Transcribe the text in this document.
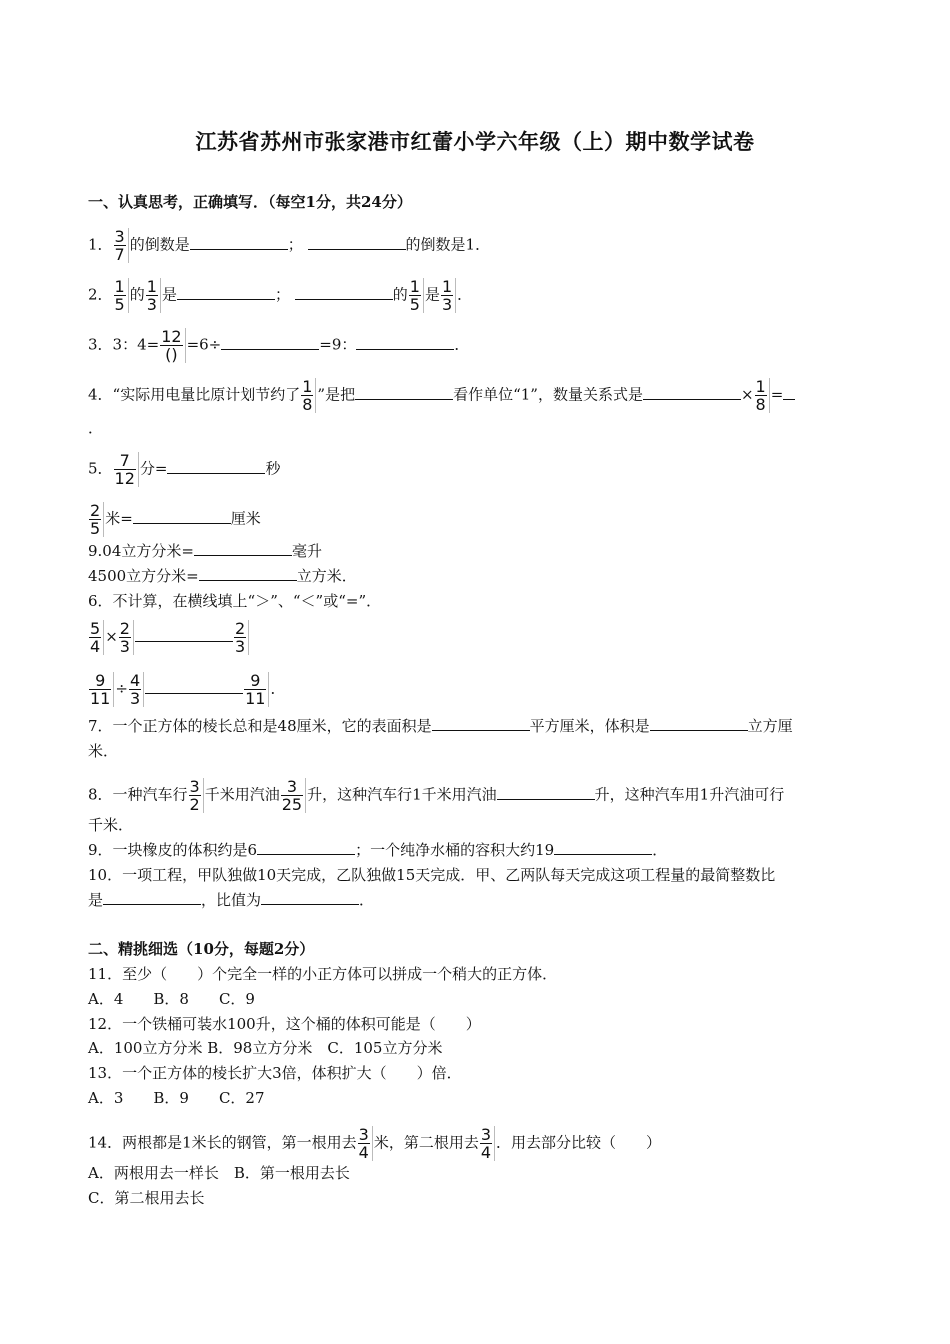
江苏省苏州市张家港市红蕾小学六年级（上）期中数学试卷
一、认真思考，正确填写．（每空1分，共24分）
1． $\frac{3}{7}$ 的倒数是	；	的倒数是1．
2． $\frac{1}{5}$ 的 $\frac{1}{3}$ 是	；	的 $\frac{1}{5}$ 是 $\frac{1}{3}$ ．
3．3：$4= \frac{12}{()} =6\div$	=9：	．
4．“实际用电量比原计划节约了 $\frac{1}{8}$ ”是把	看作单位“1”，数量关系式是	× $\frac{1}{8}$ =
．
5． $\frac{7}{12}$ 分=	秒
$\frac{2}{5}$ 米=	厘米
9.04立方分米=	毫升
4500立方分米=	立方米．
6．不计算，在横线填上“＞”、“＜”或“=”．
$\frac{5}{4} \times \frac{2}{3}$	$\frac{2}{3}$
$\frac{9}{11} \div \frac{4}{3}$	$\frac{9}{11}$ ．
7．一个正方体的棱长总和是48厘米，它的表面积是	平方厘米，体积是	立方厘
米．
8．一种汽车行 $\frac{3}{2}$ 千米用汽油 $\frac{3}{25}$ 升，这种汽车行1千米用汽油	升，这种汽车用1升汽油可行
千米．
9．一块橡皮的体积约是6	；一个纯净水桶的容积大约19	．
10．一项工程，甲队独做10天完成，乙队独做15天完成．甲、乙两队每天完成这项工程量的最简整数比
是	，比值为	．
二、精挑细选（10分，每题2分）
11．至少（　　）个完全一样的小正方体可以拼成一个稍大的正方体．
A．4　　B．8　　C．9
12．一个铁桶可装水100升，这个桶的体积可能是（　　）
A．100立方分米 B．98立方分米　C．105立方分米
13．一个正方体的棱长扩大3倍，体积扩大（　　）倍．
A．3　　B．9　　C．27
14．两根都是1米长的钢管，第一根用去 $\frac{3}{4}$ 米，第二根用去 $\frac{3}{4}$ ．用去部分比较（　　）
A．两根用去一样长　B．第一根用去长
C．第二根用去长
